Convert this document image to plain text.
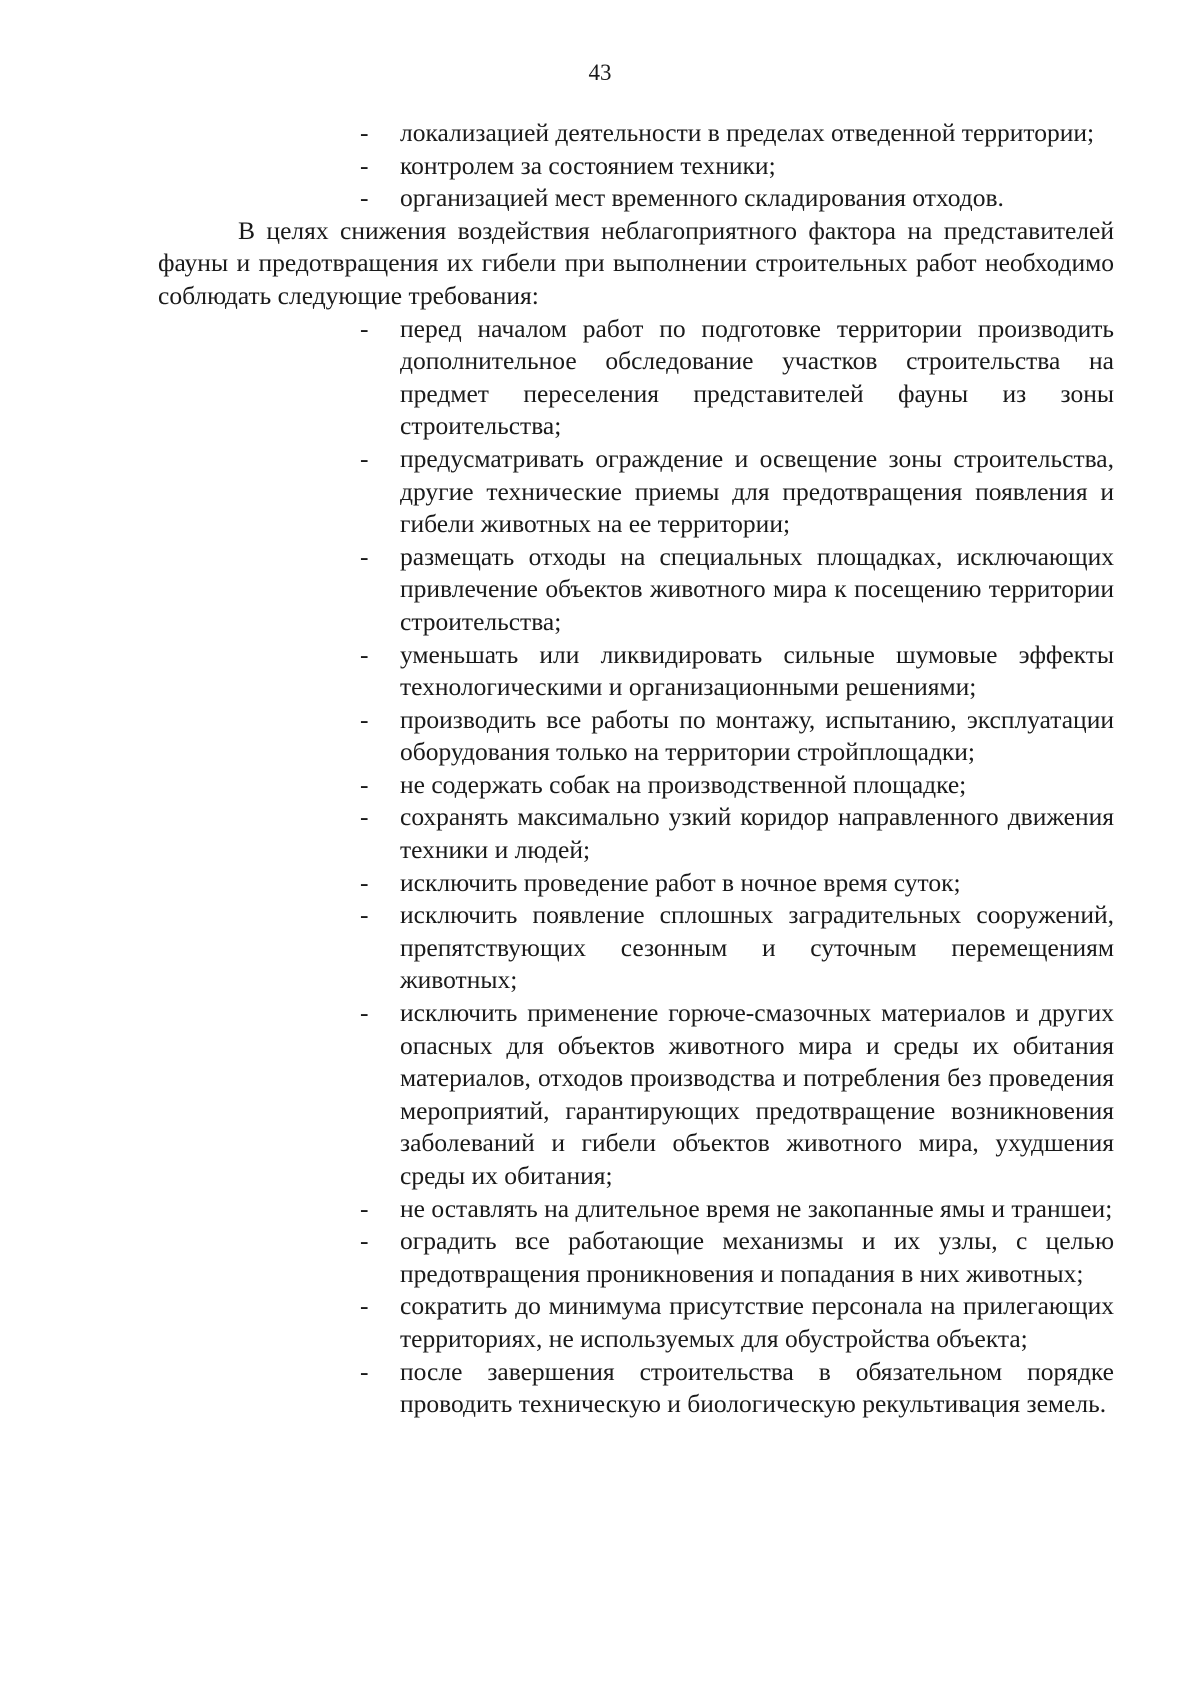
43
-	локализацией деятельности в пределах отведенной территории;
-	контролем за состоянием техники;
-	организацией мест временного складирования отходов.

В целях снижения воздействия неблагоприятного фактора на представителей фауны и предотвращения их гибели при выполнении строительных работ необходимо соблюдать следующие требования:

-	перед началом работ по подготовке территории производить дополнительное обследование участков строительства на предмет переселения представителей фауны из зоны строительства;
-	предусматривать ограждение и освещение зоны строительства, другие технические приемы для предотвращения появления и гибели животных на ее территории;
-	размещать отходы на специальных площадках, исключающих привлечение объектов животного мира к посещению территории строительства;
-	уменьшать или ликвидировать сильные шумовые эффекты технологическими и организационными решениями;
-	производить все работы по монтажу, испытанию, эксплуатации оборудования только на территории стройплощадки;
-	не содержать собак на производственной площадке;
-	сохранять максимально узкий коридор направленного движения техники и людей;
-	исключить проведение работ в ночное время суток;
-	исключить появление сплошных заградительных сооружений, препятствующих сезонным и суточным перемещениям животных;
-	исключить применение горюче-смазочных материалов и других опасных для объектов животного мира и среды их обитания материалов, отходов производства и потребления без проведения мероприятий, гарантирующих предотвращение возникновения заболеваний и гибели объектов животного мира, ухудшения среды их обитания;
-	не оставлять на длительное время не закопанные ямы и траншеи;
-	оградить все работающие механизмы и их узлы, с целью предотвращения проникновения и попадания в них животных;
-	сократить до минимума присутствие персонала на прилегающих территориях, не используемых для обустройства объекта;
-	после завершения строительства в обязательном порядке проводить техническую и биологическую рекультивация земель.
